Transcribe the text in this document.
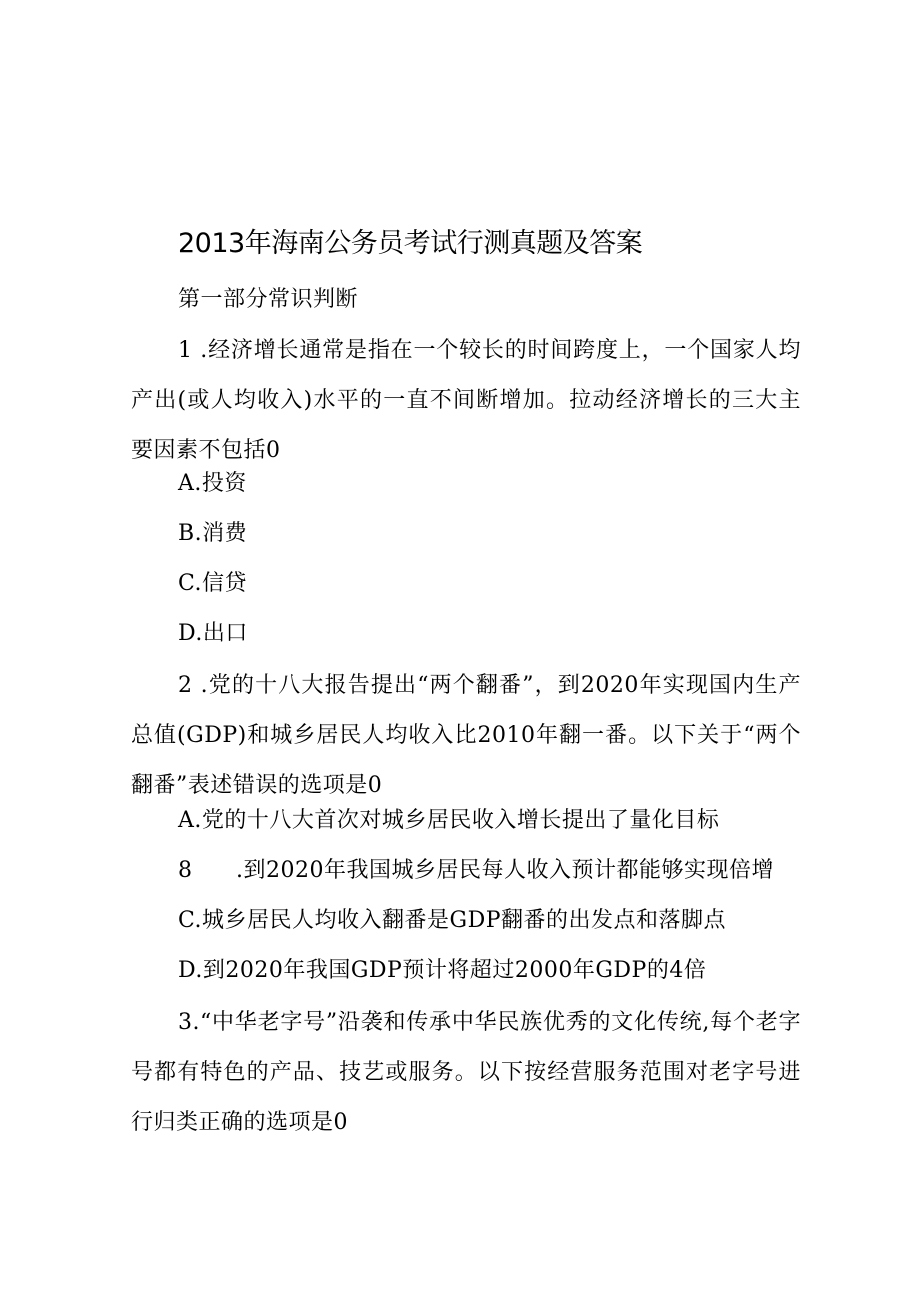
2013年海南公务员考试行测真题及答案
第一部分常识判断
1 .经济增长通常是指在一个较长的时间跨度上，一个国家人均产出(或人均收入)水平的一直不间断增加。拉动经济增长的三大主要因素不包括0
A.投资
B.消费
C.信贷
D.出口
2 .党的十八大报告提出“两个翻番”，到2020年实现国内生产总值(GDP)和城乡居民人均收入比2010年翻一番。以下关于“两个翻番”表述错误的选项是0
A.党的十八大首次对城乡居民收入增长提出了量化目标
8 .到2020年我国城乡居民每人收入预计都能够实现倍增
C.城乡居民人均收入翻番是GDP翻番的出发点和落脚点
D.到2020年我国GDP预计将超过2000年GDP的4倍
3.“中华老字号”沿袭和传承中华民族优秀的文化传统,每个老字号都有特色的产品、技艺或服务。以下按经营服务范围对老字号进行归类正确的选项是0
